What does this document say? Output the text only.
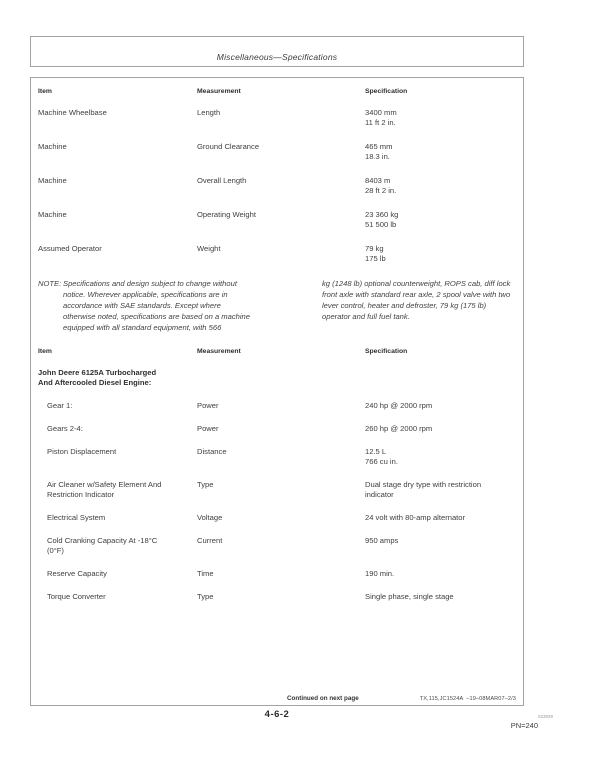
Miscellaneous—Specifications
Item	Measurement	Specification
Machine Wheelbase	Length	3400 mm
11 ft 2 in.
Machine	Ground Clearance	465 mm
18.3 in.
Machine	Overall Length	8403 m
28 ft 2 in.
Machine	Operating Weight	23 360 kg
51 500 lb
Assumed Operator	Weight	79 kg
175 lb
NOTE: Specifications and design subject to change without notice. Wherever applicable, specifications are in accordance with SAE standards. Except where otherwise noted, specifications are based on a machine equipped with all standard equipment, with 566
kg (1248 lb) optional counterweight, ROPS cab, diff lock front axle with standard rear axle, 2 spool valve with two lever control, heater and defroster, 79 kg (175 lb) operator and full fuel tank.
Item	Measurement	Specification
John Deere 6125A Turbocharged
And Aftercooled Diesel Engine:
Gear 1:	Power	240 hp @ 2000 rpm
Gears 2-4:	Power	260 hp @ 2000 rpm
Piston Displacement	Distance	12.5 L
766 cu in.
Air Cleaner w/Safety Element And
Restriction Indicator
Type	Dual stage dry type with restriction
indicator
Electrical System	Voltage	24 volt with 80-amp alternator
Cold Cranking Capacity At -18°C
(0°F)
Current	950 amps
Reserve Capacity	Time	190 min.
Torque Converter	Type	Single phase, single stage
Continued on next page	TX,115,JC1524A  –19–08MAR07–2/3
4-6-2	023939
PN=240
